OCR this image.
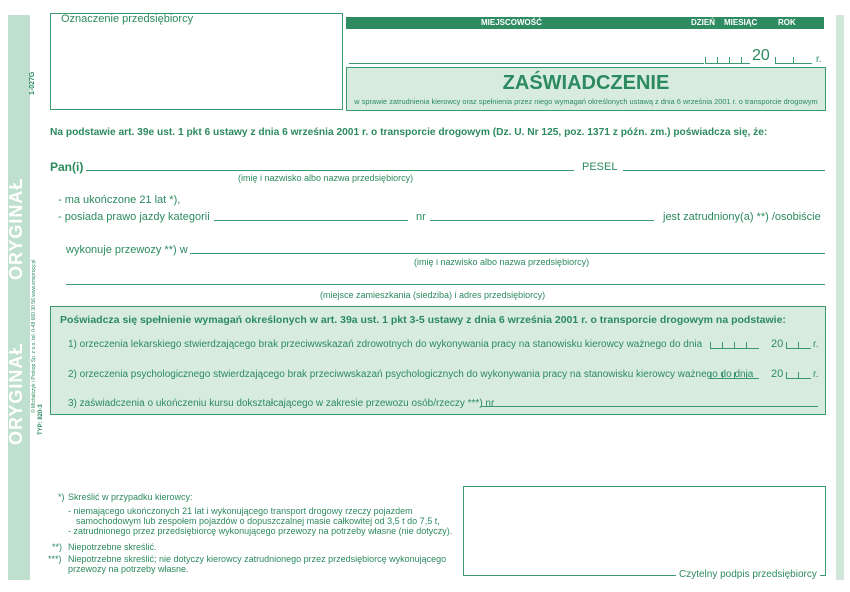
1-027G
ORYGINAŁ
ORYGINAŁ © Michalczyk i Prokop Sp. z o.o. tel. 0-48 660 30 56 www.emiprocy.pl
TYP: 820-3
Oznaczenie przedsiębiorcy	MIEJSCOWOŚĆ	DZIEŃ MIESIĄC	ROK
20	r.
ZAŚWIADCZENIE
w sprawie zatrudnienia kierowcy oraz spełnienia przez niego wymagań określonych ustawą z dnia 6 września 2001 r. o transporcie drogowym
Na podstawie art. 39e ust. 1 pkt 6 ustawy z dnia 6 września 2001 r. o transporcie drogowym (Dz. U. Nr 125, poz. 1371 z późn. zm.) poświadcza się, że:
Pan(i)	PESEL
(imię i nazwisko albo nazwa przedsiębiorcy)
- ma ukończone 21 lat *),
- posiada prawo jazdy kategorii	nr	jest zatrudniony(a) **) /osobiście
wykonuje przewozy **) w
(imię i nazwisko albo nazwa przedsiębiorcy)
(miejsce zamieszkania (siedziba) i adres przedsiębiorcy)
Poświadcza się spełnienie wymagań określonych w art. 39a ust. 1 pkt 3-5 ustawy z dnia 6 września 2001 r. o transporcie drogowym na podstawie:
1) orzeczenia lekarskiego stwierdzającego brak przeciwwskazań zdrowotnych do wykonywania pracy na stanowisku kierowcy ważnego do dnia
2) orzeczenia psychologicznego stwierdzającego brak przeciwwskazań psychologicznych do wykonywania pracy na stanowisku kierowcy ważnego do dnia
3) zaświadczenia o ukończeniu kursu dokształcającego w zakresie przewozu osób/rzeczy ***) nr
20	r.
20	r.
*) Skreślić w przypadku kierowcy:
- niemającego ukończonych 21 lat i wykonującego transport drogowy rzeczy pojazdem
samochodowym lub zespołem pojazdów o dopuszczalnej masie całkowitej od 3,5 t do 7,5 t,
- zatrudnionego przez przedsiębiorcę wykonującego przewozy na potrzeby własne (nie dotyczy).
**) Niepotrzebne skreślić.
***) Niepotrzebne skreślić; nie dotyczy kierowcy zatrudnionego przez przedsiębiorcę wykonującego
przewozy na potrzeby własne.	Czytelny podpis przedsiębiorcy
